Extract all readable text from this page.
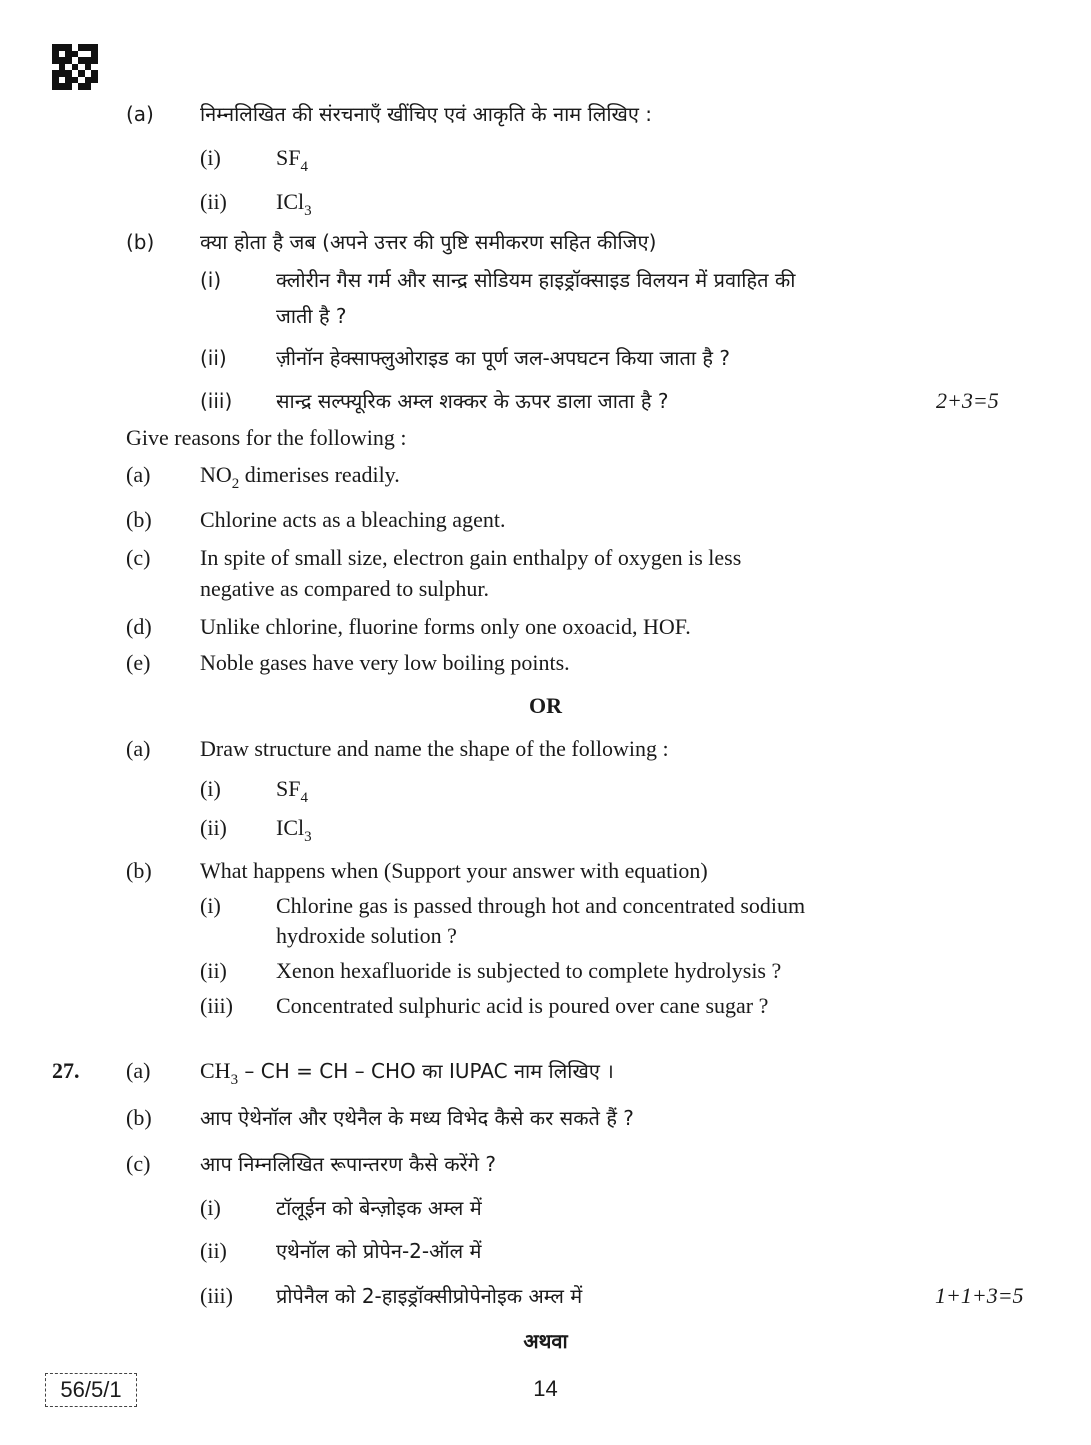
(a) निम्नलिखित की संरचनाएँ खींचिए एवं आकृति के नाम लिखिए :
(i)	$SF_4$
(ii) ICl$_3$
(b) क्या होता है जब (अपने उत्तर की पुष्टि समीकरण सहित कीजिए)
(i)	क्लोरीन गैस गर्म और सान्द्र सोडियम हाइड्रॉक्साइड विलयन में प्रवाहित की
जाती है ?
(ii) ज़ीनॉन हेक्साफ्लुओराइड का पूर्ण जल-अपघटन किया जाता है ?
(iii) सान्द्र सल्फ्यूरिक अम्ल शक्कर के ऊपर डाला जाता है ?	2+3=5
Give reasons for the following :
(a) $NO_2$ dimerises readily.
(b) Chlorine acts as a bleaching agent.
(c) In spite of small size, electron gain enthalpy of oxygen is less
negative as compared to sulphur.
(d) Unlike chlorine, fluorine forms only one oxoacid, HOF.
(e) Noble gases have very low boiling points.
OR
(a) Draw structure and name the shape of the following :
(i)	$SF_4$
(ii) ICl$_3$
(b) What happens when (Support your answer with equation)
(i)	Chlorine gas is passed through hot and concentrated sodium
hydroxide solution ?
(ii) Xenon hexafluoride is subjected to complete hydrolysis ?
(iii) Concentrated sulphuric acid is poured over cane sugar ?
27. (a) $CH_3$ – CH = CH – CHO का IUPAC नाम लिखिए ।
(b) आप ऐथेनॉल और एथेनैल के मध्य विभेद कैसे कर सकते हैं ?
(c) आप निम्नलिखित रूपान्तरण कैसे करेंगे ?
(i)	टॉलूईन को बेन्ज़ोइक अम्ल में
(ii) एथेनॉल को प्रोपेन-2-ऑल में
(iii) प्रोपेनैल को 2-हाइड्रॉक्सीप्रोपेनोइक अम्ल में	1+1+3=5
अथवा
56/5/1	14
